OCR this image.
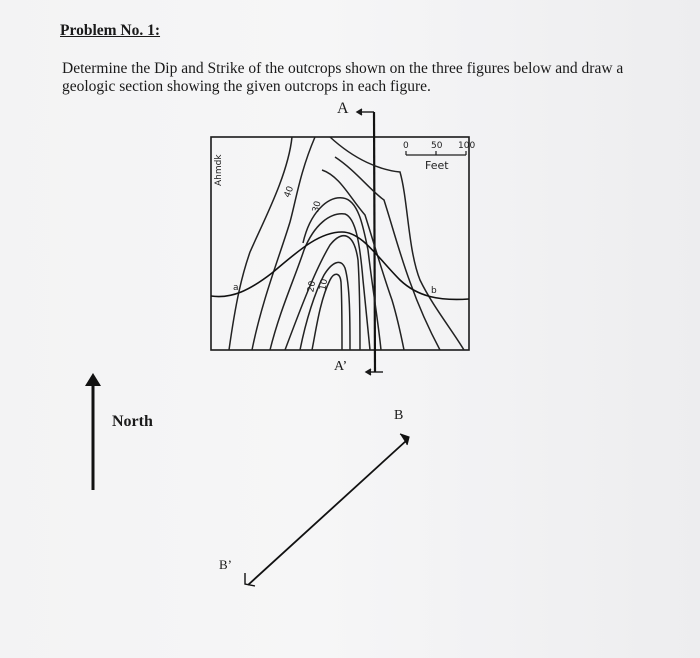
Problem No. 1:
Determine the Dip and Strike of the outcrops shown on the three figures below and draw a geologic section showing the given outcrops in each figure.
A
A’
B
B’
North
Feet
40
30
20 10
a	b
Ahmdk
0 50 100
